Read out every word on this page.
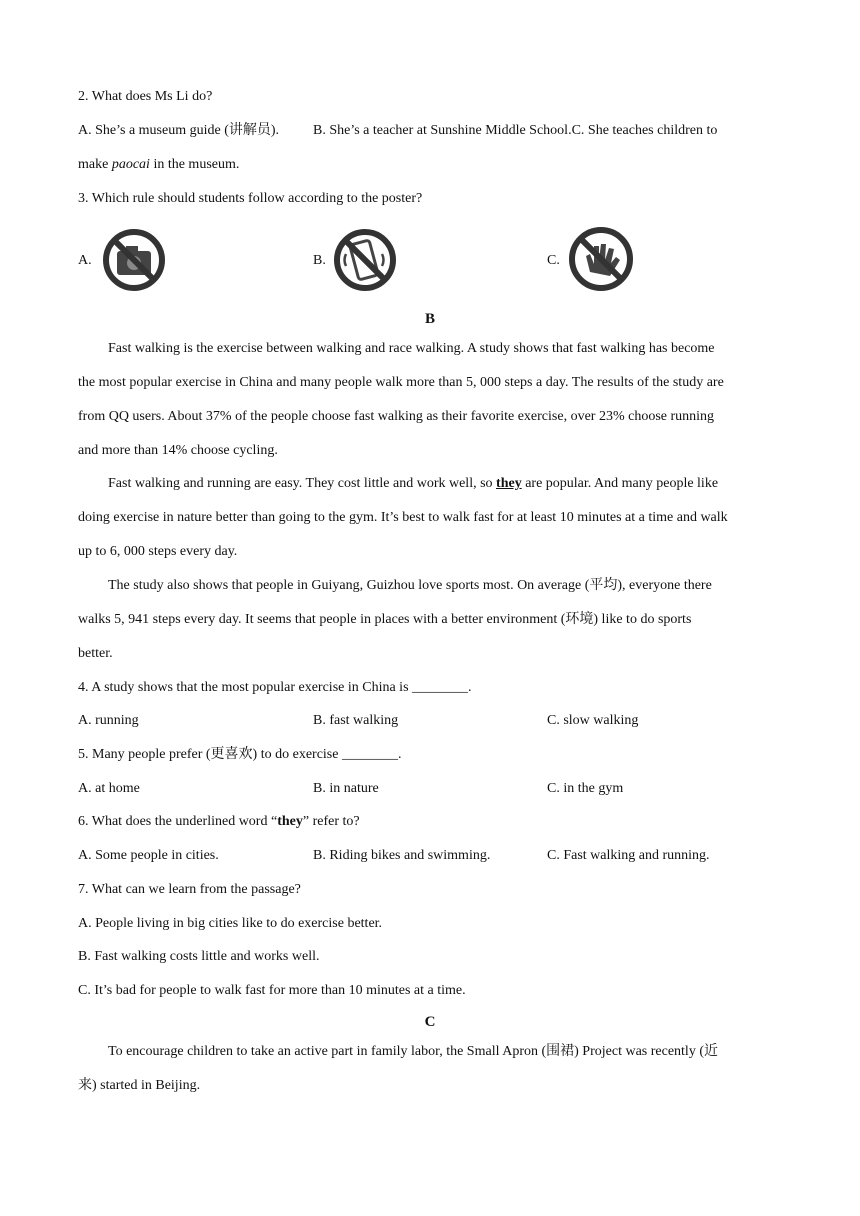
2. What does Ms Li do?
A. She’s a museum guide (讲解员).	B. She’s a teacher at Sunshine Middle School.C. She teaches children to
make paocai in the museum.
3. Which rule should students follow according to the poster?
A.	B.	C.
B
Fast walking is the exercise between walking and race walking. A study shows that fast walking has become
the most popular exercise in China and many people walk more than 5, 000 steps a day. The results of the study are
from QQ users. About 37% of the people choose fast walking as their favorite exercise, over 23% choose running
and more than 14% choose cycling.
Fast walking and running are easy. They cost little and work well, so they are popular. And many people like
doing exercise in nature better than going to the gym. It’s best to walk fast for at least 10 minutes at a time and walk
up to 6, 000 steps every day.
The study also shows that people in Guiyang, Guizhou love sports most. On average (平均), everyone there
walks 5, 941 steps every day. It seems that people in places with a better environment (环境) like to do sports
better.
4. A study shows that the most popular exercise in China is ________.
A. running	B. fast walking	C. slow walking
5. Many people prefer (更喜欢) to do exercise ________.
A. at home	B. in nature	C. in the gym
6. What does the underlined word “they” refer to?
A. Some people in cities.	B. Riding bikes and swimming.	C. Fast walking and running.
7. What can we learn from the passage?
A. People living in big cities like to do exercise better.
B. Fast walking costs little and works well.
C. It’s bad for people to walk fast for more than 10 minutes at a time.
C
To encourage children to take an active part in family labor, the Small Apron (围裙) Project was recently (近
来) started in Beijing.
